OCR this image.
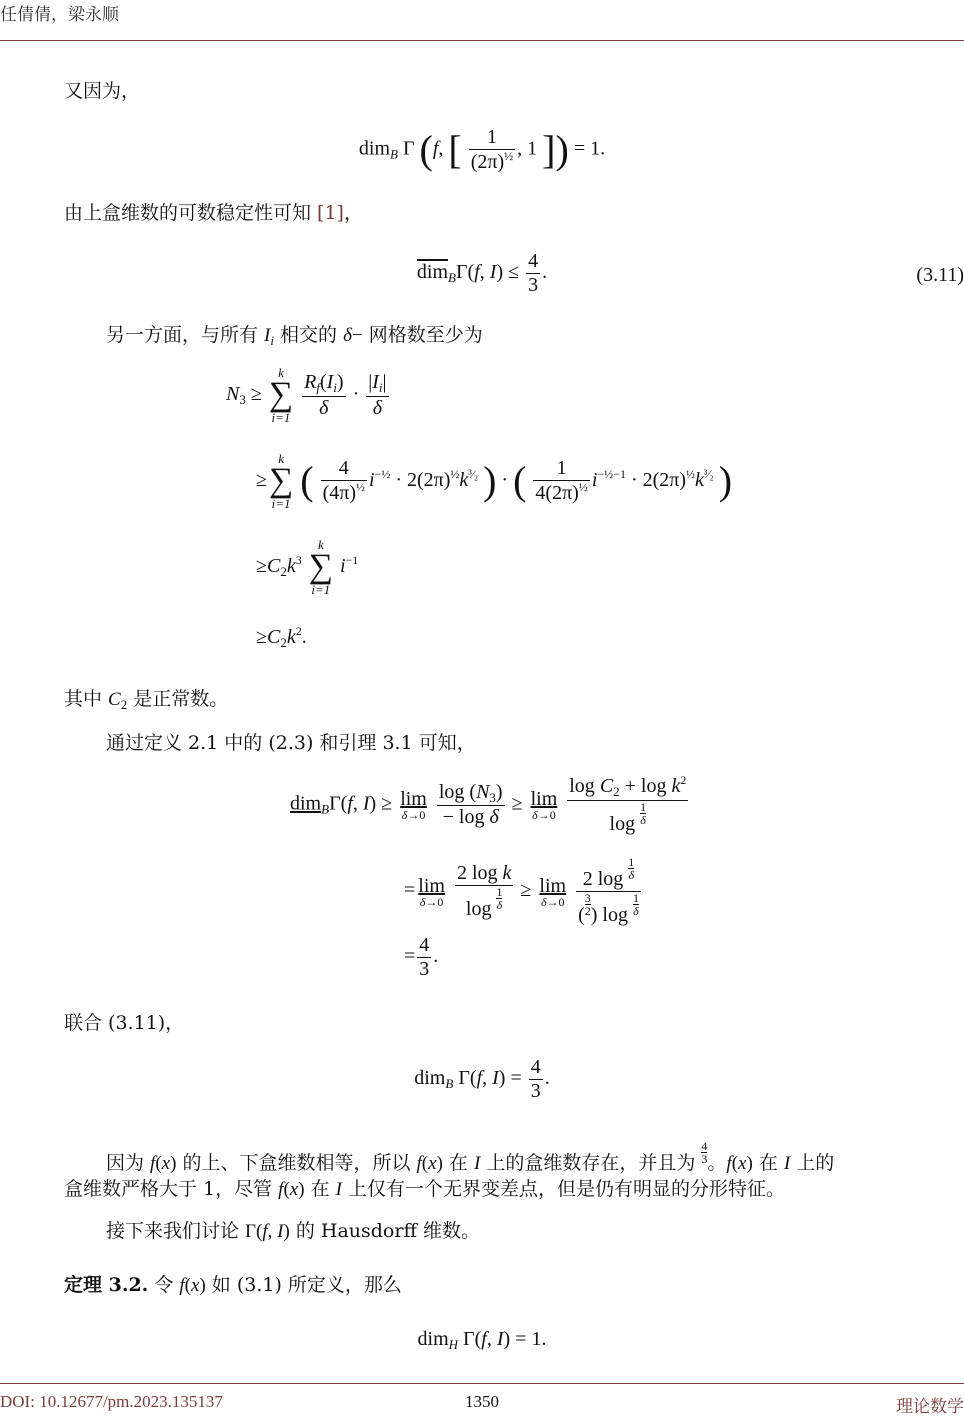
任倩倩，梁永顺
又因为，
dim$_B$ Γ (f, [ $\frac{1}{(2\pi)^{\frac{1}{2}}}$ , 1 ]) = 1.
由上盒维数的可数稳定性可知 [1]，
$\overline{dim}_B\Gamma(f$, $I) \le \frac{4}{3}$ .	(3.11)
另一方面，与所有 $I_i$ 相交的 δ− 网格数至少为
$N_3$ ≥
k
∑
i=1
$\frac{R_f(I_i)}{\delta} \cdot \frac{|I_i|}{\delta}$
≥
k
∑
i=1
( $\frac{4}{(4\pi)^{\frac{1}{2}}} i^{-\frac{1}{2}} \cdot 2(2\pi)^{\frac{1}{2}}k^{^3⁄_2}$ ) · ( $\frac{1}{4(2\pi)^{\frac{1}{2}}} i^{-\frac{1}{2}-1} \cdot 2(2\pi)^{\frac{1}{2}}k^{^3⁄_2}$ )
$\ge C_2k^3$
k
∑
i=1
$i^{-1}$
$\ge C_2k^2$.
其中 $C_2$ 是正常数。
通过定义 2.1 中的 (2.3) 和引理 3.1 可知，
dim$_B$Γ(f, I) ≥ lim
δ→0
$\frac{\log (N_3)}{\text{− log δ}} \ge \lim$
δ→0
$\frac{\log C_2 + \log k^2}{\log \frac{1}{\delta}}$
= lim
δ→0
$\frac{\text{2 log k}}{\log \frac{1}{\delta}} \ge \lim$
δ→0
$\frac{2 \log \frac{1}{\delta}}{( \frac{3}{2} ) \log \frac{1}{\delta}}$
= $\frac{4}{3}$ .
联合 (3.11)，
dim$_B$ Γ(f, $I) = \frac{4}{3}$ .
因为 f(x) 的上、下盒维数相等，所以 f(x) 在 I 上的盒维数存在，并且为 $\frac{4}{3}$ 。f(x) 在 I 上的
盒维数严格大于 1，尽管 f(x) 在 I 上仅有一个无界变差点，但是仍有明显的分形特征。
接下来我们讨论 Γ(f, I) 的 Hausdorff 维数。
定理 3.2. 令 f(x) 如 (3.1) 所定义，那么
dim$_H$ Γ(f, I) = 1.
DOI: 10.12677/pm.2023.135137	1350	理论数学
